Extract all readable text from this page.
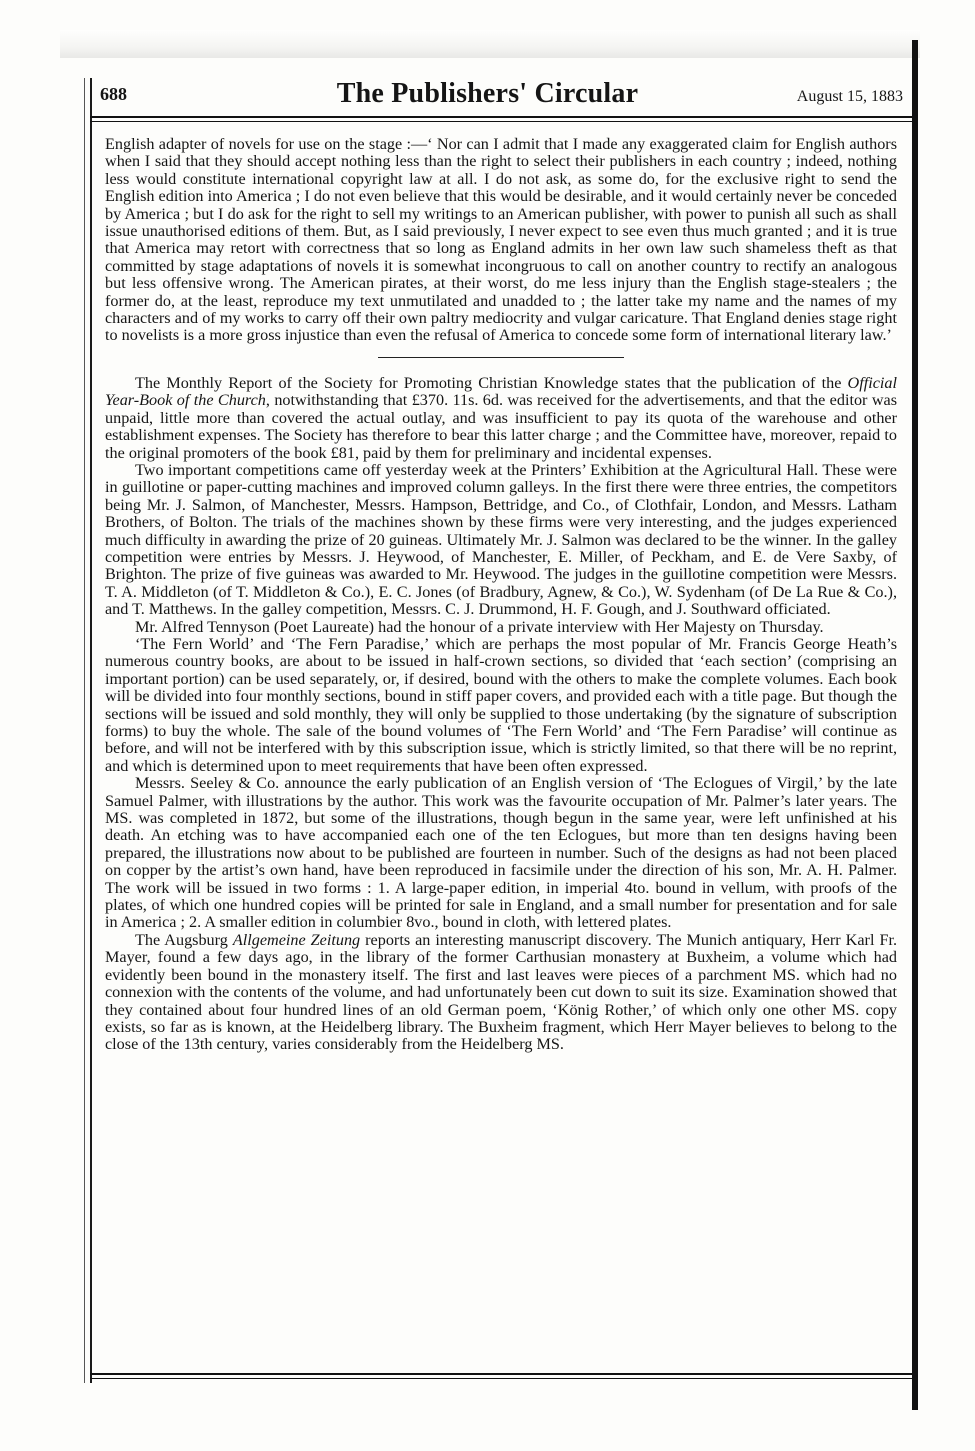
688	The Publishers' Circular	August 15, 1883

English adapter of novels for use on the stage :—‘ Nor can I admit that I made any exaggerated claim for English authors when I said that they should accept nothing less than the right to select their publishers in each country ; indeed, nothing less would constitute international copyright law at all. I do not ask, as some do, for the exclusive right to send the English edition into America ; I do not even believe that this would be desirable, and it would certainly never be conceded by America ; but I do ask for the right to sell my writings to an American publisher, with power to punish all such as shall issue unauthorised editions of them. But, as I said previously, I never expect to see even thus much granted ; and it is true that America may retort with correctness that so long as England admits in her own law such shameless theft as that committed by stage adaptations of novels it is somewhat incongruous to call on another country to rectify an analogous but less offensive wrong. The American pirates, at their worst, do me less injury than the English stage-stealers ; the former do, at the least, reproduce my text unmutilated and unadded to ; the latter take my name and the names of my characters and of my works to carry off their own paltry mediocrity and vulgar caricature. That England denies stage right to novelists is a more gross injustice than even the refusal of America to concede some form of international literary law.’

The Monthly Report of the Society for Promoting Christian Knowledge states that the publication of the Official Year-Book of the Church, notwithstanding that £370. 11s. 6d. was received for the advertisements, and that the editor was unpaid, little more than covered the actual outlay, and was insufficient to pay its quota of the warehouse and other establishment expenses. The Society has therefore to bear this latter charge ; and the Committee have, moreover, repaid to the original promoters of the book £81, paid by them for preliminary and incidental expenses.

Two important competitions came off yesterday week at the Printers’ Exhibition at the Agricultural Hall. These were in guillotine or paper-cutting machines and improved column galleys. In the first there were three entries, the competitors being Mr. J. Salmon, of Manchester, Messrs. Hampson, Bettridge, and Co., of Clothfair, London, and Messrs. Latham Brothers, of Bolton. The trials of the machines shown by these firms were very interesting, and the judges experienced much difficulty in awarding the prize of 20 guineas. Ultimately Mr. J. Salmon was declared to be the winner. In the galley competition were entries by Messrs. J. Heywood, of Manchester, E. Miller, of Peckham, and E. de Vere Saxby, of Brighton. The prize of five guineas was awarded to Mr. Heywood. The judges in the guillotine competition were Messrs. T. A. Middleton (of T. Middleton & Co.), E. C. Jones (of Bradbury, Agnew, & Co.), W. Sydenham (of De La Rue & Co.), and T. Matthews. In the galley competition, Messrs. C. J. Drummond, H. F. Gough, and J. Southward officiated.

Mr. Alfred Tennyson (Poet Laureate) had the honour of a private interview with Her Majesty on Thursday.

‘The Fern World’ and ‘The Fern Paradise,’ which are perhaps the most popular of Mr. Francis George Heath’s numerous country books, are about to be issued in half-crown sections, so divided that ‘each section’ (comprising an important portion) can be used separately, or, if desired, bound with the others to make the complete volumes. Each book will be divided into four monthly sections, bound in stiff paper covers, and provided each with a title page. But though the sections will be issued and sold monthly, they will only be supplied to those undertaking (by the signature of subscription forms) to buy the whole. The sale of the bound volumes of ‘The Fern World’ and ‘The Fern Paradise’ will continue as before, and will not be interfered with by this subscription issue, which is strictly limited, so that there will be no reprint, and which is determined upon to meet requirements that have been often expressed.

Messrs. Seeley & Co. announce the early publication of an English version of ‘The Eclogues of Virgil,’ by the late Samuel Palmer, with illustrations by the author. This work was the favourite occupation of Mr. Palmer’s later years. The MS. was completed in 1872, but some of the illustrations, though begun in the same year, were left unfinished at his death. An etching was to have accompanied each one of the ten Eclogues, but more than ten designs having been prepared, the illustrations now about to be published are fourteen in number. Such of the designs as had not been placed on copper by the artist’s own hand, have been reproduced in facsimile under the direction of his son, Mr. A. H. Palmer. The work will be issued in two forms : 1. A large-paper edition, in imperial 4to. bound in vellum, with proofs of the plates, of which one hundred copies will be printed for sale in England, and a small number for presentation and for sale in America ; 2. A smaller edition in columbier 8vo., bound in cloth, with lettered plates.

The Augsburg Allgemeine Zeitung reports an interesting manuscript discovery. The Munich antiquary, Herr Karl Fr. Mayer, found a few days ago, in the library of the former Carthusian monastery at Buxheim, a volume which had evidently been bound in the monastery itself. The first and last leaves were pieces of a parchment MS. which had no connexion with the contents of the volume, and had unfortunately been cut down to suit its size. Examination showed that they contained about four hundred lines of an old German poem, ‘König Rother,’ of which only one other MS. copy exists, so far as is known, at the Heidelberg library. The Buxheim fragment, which Herr Mayer believes to belong to the close of the 13th century, varies considerably from the Heidelberg MS.
